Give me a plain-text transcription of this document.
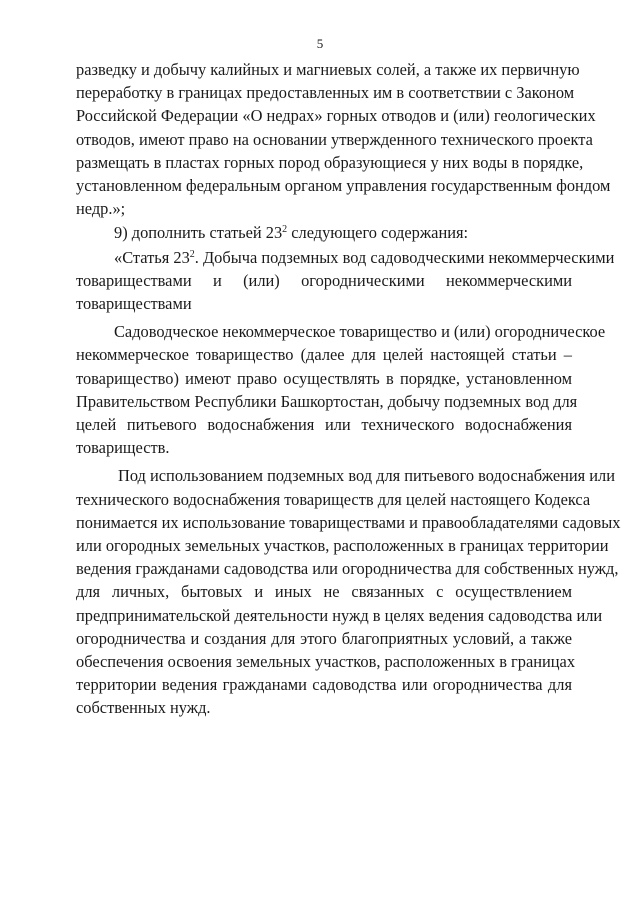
5
разведку и добычу калийных и магниевых солей, а также их первичную
переработку в границах предоставленных им в соответствии с Законом
Российской Федерации «О недрах» горных отводов и (или) геологических
отводов, имеют право на основании утвержденного технического проекта
размещать в пластах горных пород образующиеся у них воды в порядке,
установленном федеральным органом управления государственным фондом
недр.»;
9) дополнить статьей $23^2$ следующего содержания:
«Статья $23^2$. Добыча подземных вод садоводческими некоммерческими
товариществами и (или) огородническими некоммерческими
товариществами
Садоводческое некоммерческое товарищество и (или) огородническое
некоммерческое товарищество (далее для целей настоящей статьи –
товарищество) имеют право осуществлять в порядке, установленном
Правительством Республики Башкортостан, добычу подземных вод для
целей питьевого водоснабжения или технического водоснабжения
товариществ.
Под использованием подземных вод для питьевого водоснабжения или
технического водоснабжения товариществ для целей настоящего Кодекса
понимается их использование товариществами и правообладателями садовых
или огородных земельных участков, расположенных в границах территории
ведения гражданами садоводства или огородничества для собственных нужд,
для личных, бытовых и иных не связанных с осуществлением
предпринимательской деятельности нужд в целях ведения садоводства или
огородничества и создания для этого благоприятных условий, а также
обеспечения освоения земельных участков, расположенных в границах
территории ведения гражданами садоводства или огородничества для
собственных нужд.
